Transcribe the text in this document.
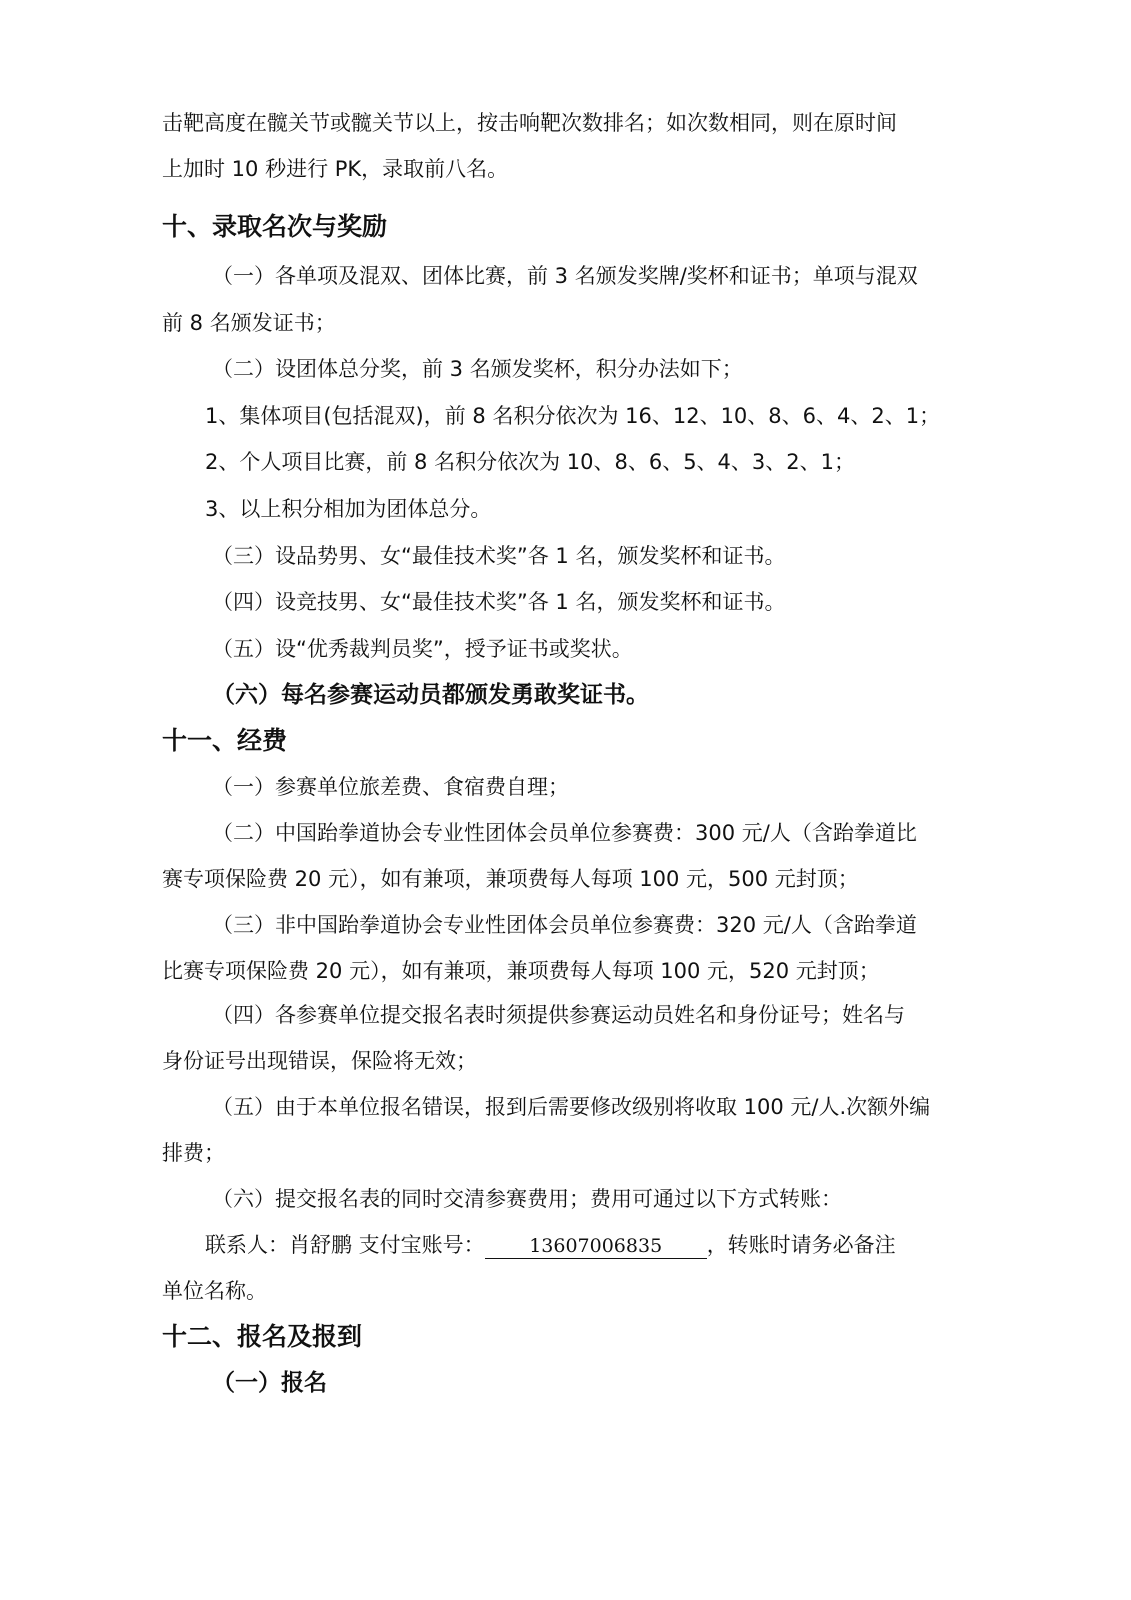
击靶高度在髋关节或髋关节以上，按击响靶次数排名；如次数相同，则在原时间
上加时 10 秒进行 PK，录取前八名。
十、录取名次与奖励
（一）各单项及混双、团体比赛，前 3 名颁发奖牌/奖杯和证书；单项与混双
前 8 名颁发证书；
（二）设团体总分奖，前 3 名颁发奖杯，积分办法如下；
1、集体项目(包括混双)，前 8 名积分依次为 16、12、10、8、6、4、2、1；
2、个人项目比赛，前 8 名积分依次为 10、8、6、5、4、3、2、1；
3、以上积分相加为团体总分。
（三）设品势男、女“最佳技术奖”各 1 名，颁发奖杯和证书。
（四）设竞技男、女“最佳技术奖”各 1 名，颁发奖杯和证书。
（五）设“优秀裁判员奖”，授予证书或奖状。
（六）每名参赛运动员都颁发勇敢奖证书。
十一、经费
（一）参赛单位旅差费、食宿费自理；
（二）中国跆拳道协会专业性团体会员单位参赛费：300 元/人（含跆拳道比
赛专项保险费 20 元），如有兼项，兼项费每人每项 100 元，500 元封顶；
（三）非中国跆拳道协会专业性团体会员单位参赛费：320 元/人（含跆拳道
比赛专项保险费 20 元），如有兼项，兼项费每人每项 100 元，520 元封顶；
（四）各参赛单位提交报名表时须提供参赛运动员姓名和身份证号；姓名与
身份证号出现错误，保险将无效；
（五）由于本单位报名错误，报到后需要修改级别将收取 100 元/人.次额外编
排费；
（六）提交报名表的同时交清参赛费用；费用可通过以下方式转账：
联系人：肖舒鹏 支付宝账号： 13607006835 ，转账时请务必备注
单位名称。
十二、报名及报到
（一）报名
